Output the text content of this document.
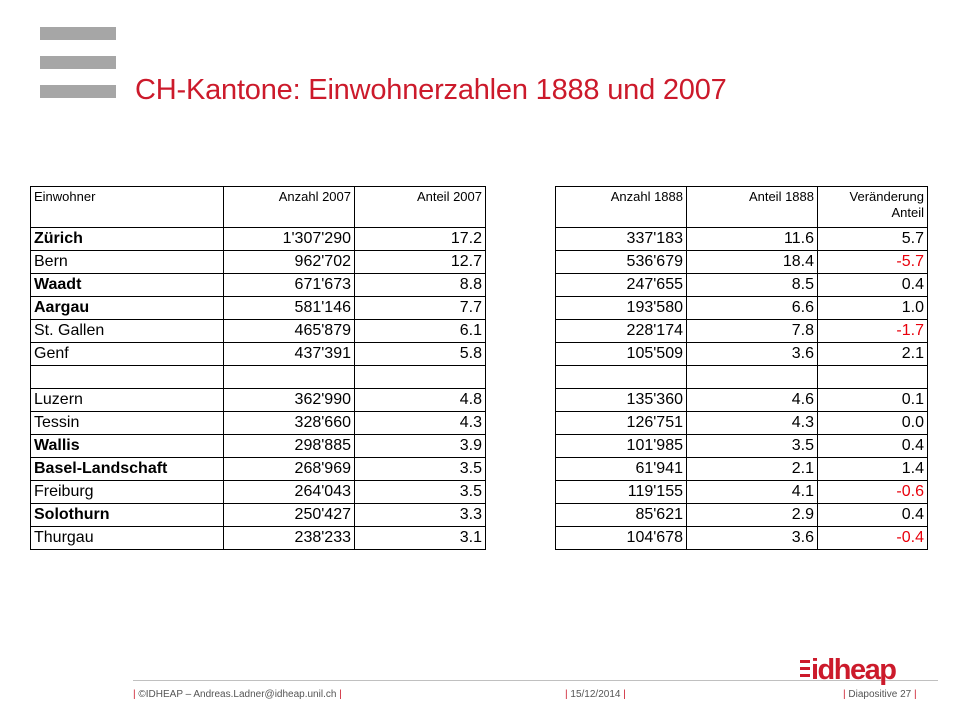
CH-Kantone: Einwohnerzahlen 1888 und 2007
Einwohner	Anzahl 2007	Anteil 2007		Anzahl 1888	Anteil 1888	Veränderung
Anteil
Zürich	1'307'290	17.2		337'183	11.6	5.7
Bern	962'702	12.7		536'679	18.4	-5.7
Waadt	671'673	8.8		247'655	8.5	0.4
Aargau	581'146	7.7		193'580	6.6	1.0
St. Gallen	465'879	6.1		228'174	7.8	-1.7
Genf	437'391	5.8		105'509	3.6	2.1

Luzern	362'990	4.8		135'360	4.6	0.1
Tessin	328'660	4.3		126'751	4.3	0.0
Wallis	298'885	3.9		101'985	3.5	0.4
Basel-Landschaft	268'969	3.5		61'941	2.1	1.4
Freiburg	264'043	3.5		119'155	4.1	-0.6
Solothurn	250'427	3.3		85'621	2.9	0.4
Thurgau	238'233	3.1		104'678	3.6	-0.4
| ©IDHEAP – Andreas.Ladner@idheap.unil.ch |	| 15/12/2014 |	| Diapositive 27 |
idheap
